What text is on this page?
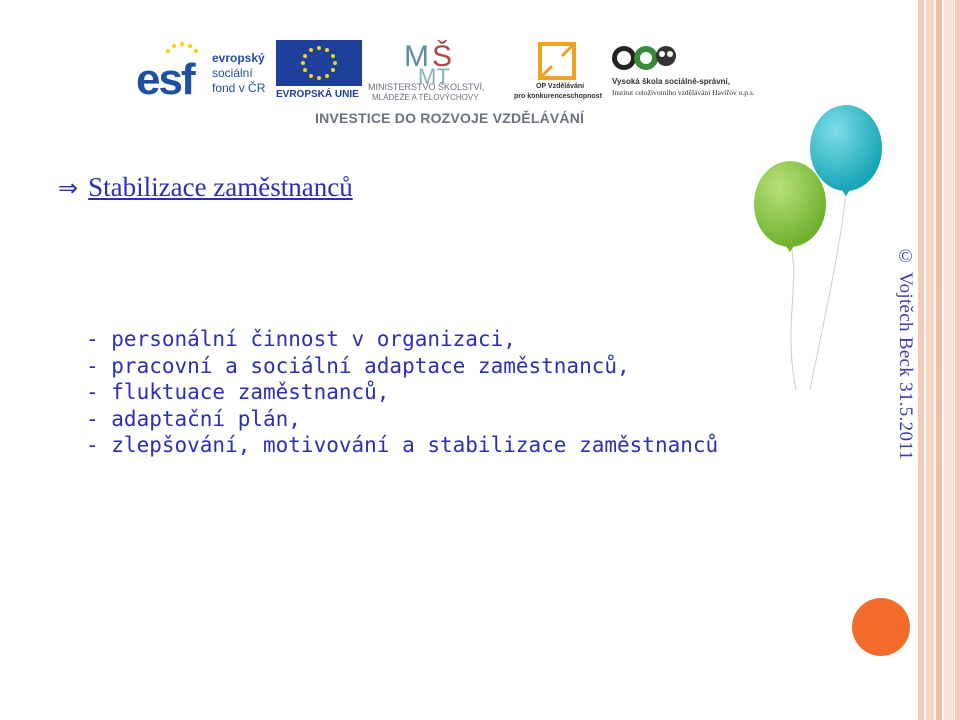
esf evropský
sociální
fond v ČR EVROPSKÁ UNIE
M Š
MT
MINISTERSTVO ŠKOLSTVÍ,
MLÁDEŽE A TĚLOVÝCHOVY
OP Vzdělávání
pro konkurenceschopnost
Vysoká škola sociálně-správní,
Institut celoživotního vzdělávání Havířov o.p.s.
INVESTICE DO ROZVOJE VZDĚLÁVÁNÍ
⇒ Stabilizace zaměstnanců
- personální činnost v organizaci,
- pracovní a sociální adaptace zaměstnanců,
- fluktuace zaměstnanců,
- adaptační plán,
- zlepšování, motivování a stabilizace zaměstnanců	© Vojtěch Beck 31.5.2011
